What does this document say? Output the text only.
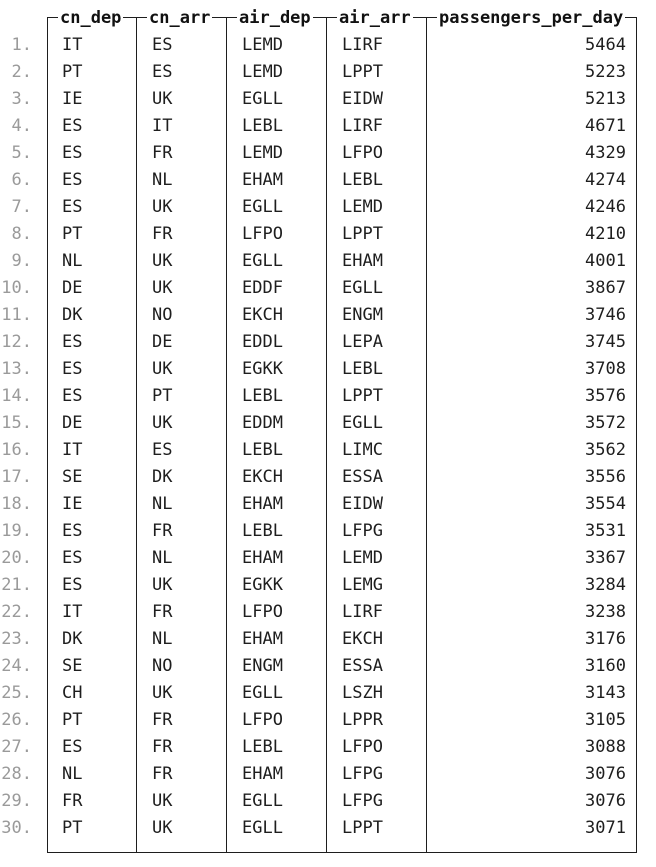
cn_dep cn_arr air_dep air_arr passengers_per_day
1. IT	ES	LEMD	LIRF	5464
2. PT	ES	LEMD	LPPT	5223
3. IE	UK	EGLL	EIDW	5213
4. ES	IT	LEBL	LIRF	4671
5. ES	FR	LEMD	LFPO	4329
6. ES	NL	EHAM	LEBL	4274
7. ES	UK	EGLL	LEMD	4246
8. PT	FR	LFPO	LPPT	4210
9. NL	UK	EGLL	EHAM	4001
10. DE	UK	EDDF	EGLL	3867
11. DK	NO	EKCH	ENGM	3746
12. ES	DE	EDDL	LEPA	3745
13. ES	UK	EGKK	LEBL	3708
14. ES	PT	LEBL	LPPT	3576
15. DE	UK	EDDM	EGLL	3572
16. IT	ES	LEBL	LIMC	3562
17. SE	DK	EKCH	ESSA	3556
18. IE	NL	EHAM	EIDW	3554
19. ES	FR	LEBL	LFPG	3531
20. ES	NL	EHAM	LEMD	3367
21. ES	UK	EGKK	LEMG	3284
22. IT	FR	LFPO	LIRF	3238
23. DK	NL	EHAM	EKCH	3176
24. SE	NO	ENGM	ESSA	3160
25. CH	UK	EGLL	LSZH	3143
26. PT	FR	LFPO	LPPR	3105
27. ES	FR	LEBL	LFPO	3088
28. NL	FR	EHAM	LFPG	3076
29. FR	UK	EGLL	LFPG	3076
30. PT	UK	EGLL	LPPT	3071
